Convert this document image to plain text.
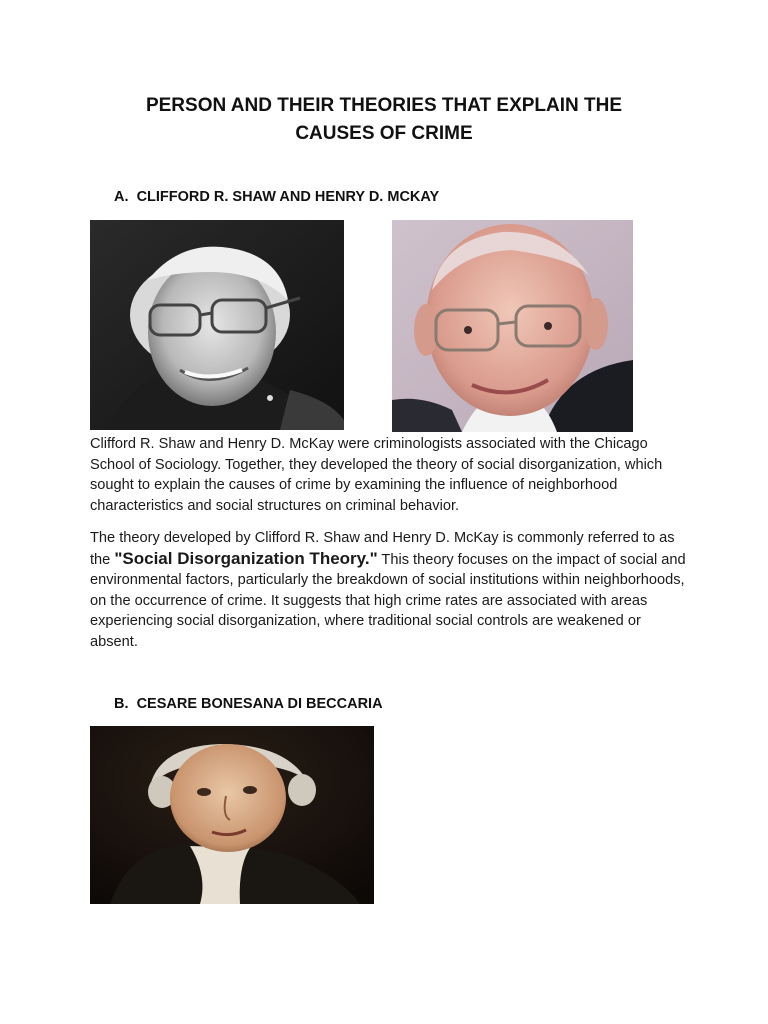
PERSON AND THEIR THEORIES THAT EXPLAIN THE
CAUSES OF CRIME
A. CLIFFORD R. SHAW AND HENRY D. MCKAY

Clifford R. Shaw and Henry D. McKay were criminologists associated with the Chicago School of Sociology. Together, they developed the theory of social disorganization, which sought to explain the causes of crime by examining the influence of neighborhood characteristics and social structures on criminal behavior.

The theory developed by Clifford R. Shaw and Henry D. McKay is commonly referred to as the "Social Disorganization Theory." This theory focuses on the impact of social and environmental factors, particularly the breakdown of social institutions within neighborhoods, on the occurrence of crime. It suggests that high crime rates are associated with areas experiencing social disorganization, where traditional social controls are weakened or absent.

B. CESARE BONESANA DI BECCARIA
